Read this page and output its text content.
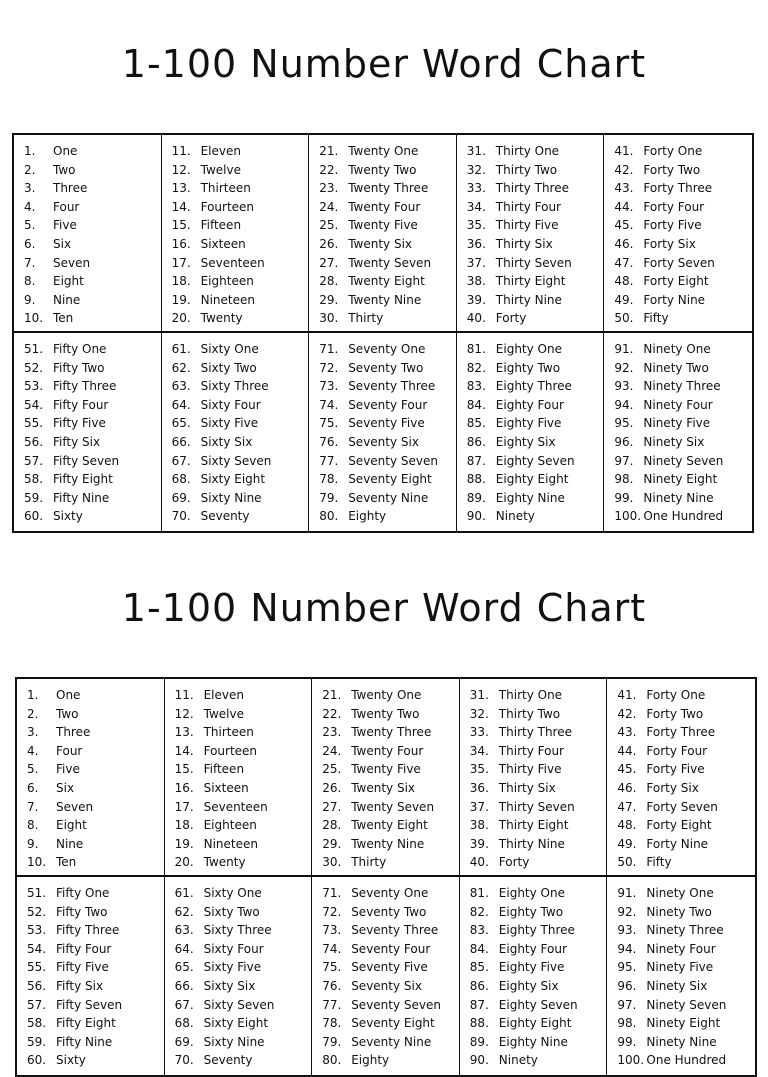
1-100 Number Word Chart
1.	One
2.	Two
3.	Three
4.	Four
5.	Five
6.	Six
7.	Seven
8.	Eight
9.	Nine
10. Ten
11. Eleven
12. Twelve
13. Thirteen
14. Fourteen
15. Fifteen
16. Sixteen
17. Seventeen
18. Eighteen
19. Nineteen
20. Twenty
21. Twenty One
22. Twenty Two
23. Twenty Three
24. Twenty Four
25. Twenty Five
26. Twenty Six
27. Twenty Seven
28. Twenty Eight
29. Twenty Nine
30. Thirty
31. Thirty One
32. Thirty Two
33. Thirty Three
34. Thirty Four
35. Thirty Five
36. Thirty Six
37. Thirty Seven
38. Thirty Eight
39. Thirty Nine
40. Forty
41. Forty One
42. Forty Two
43. Forty Three
44. Forty Four
45. Forty Five
46. Forty Six
47. Forty Seven
48. Forty Eight
49. Forty Nine
50. Fifty
51. Fifty One
52. Fifty Two
53. Fifty Three
54. Fifty Four
55. Fifty Five
56. Fifty Six
57. Fifty Seven
58. Fifty Eight
59. Fifty Nine
60. Sixty
61. Sixty One
62. Sixty Two
63. Sixty Three
64. Sixty Four
65. Sixty Five
66. Sixty Six
67. Sixty Seven
68. Sixty Eight
69. Sixty Nine
70. Seventy
71. Seventy One
72. Seventy Two
73. Seventy Three
74. Seventy Four
75. Seventy Five
76. Seventy Six
77. Seventy Seven
78. Seventy Eight
79. Seventy Nine
80. Eighty
81. Eighty One
82. Eighty Two
83. Eighty Three
84. Eighty Four
85. Eighty Five
86. Eighty Six
87. Eighty Seven
88. Eighty Eight
89. Eighty Nine
90. Ninety
91. Ninety One
92. Ninety Two
93. Ninety Three
94. Ninety Four
95. Ninety Five
96. Ninety Six
97. Ninety Seven
98. Ninety Eight
99. Ninety Nine
100. One Hundred
1-100 Number Word Chart
1.	One
2.	Two
3.	Three
4.	Four
5.	Five
6.	Six
7.	Seven
8.	Eight
9.	Nine
10. Ten
11. Eleven
12. Twelve
13. Thirteen
14. Fourteen
15. Fifteen
16. Sixteen
17. Seventeen
18. Eighteen
19. Nineteen
20. Twenty
21. Twenty One
22. Twenty Two
23. Twenty Three
24. Twenty Four
25. Twenty Five
26. Twenty Six
27. Twenty Seven
28. Twenty Eight
29. Twenty Nine
30. Thirty
31. Thirty One
32. Thirty Two
33. Thirty Three
34. Thirty Four
35. Thirty Five
36. Thirty Six
37. Thirty Seven
38. Thirty Eight
39. Thirty Nine
40. Forty
41. Forty One
42. Forty Two
43. Forty Three
44. Forty Four
45. Forty Five
46. Forty Six
47. Forty Seven
48. Forty Eight
49. Forty Nine
50. Fifty
51. Fifty One
52. Fifty Two
53. Fifty Three
54. Fifty Four
55. Fifty Five
56. Fifty Six
57. Fifty Seven
58. Fifty Eight
59. Fifty Nine
60. Sixty
61. Sixty One
62. Sixty Two
63. Sixty Three
64. Sixty Four
65. Sixty Five
66. Sixty Six
67. Sixty Seven
68. Sixty Eight
69. Sixty Nine
70. Seventy
71. Seventy One
72. Seventy Two
73. Seventy Three
74. Seventy Four
75. Seventy Five
76. Seventy Six
77. Seventy Seven
78. Seventy Eight
79. Seventy Nine
80. Eighty
81. Eighty One
82. Eighty Two
83. Eighty Three
84. Eighty Four
85. Eighty Five
86. Eighty Six
87. Eighty Seven
88. Eighty Eight
89. Eighty Nine
90. Ninety
91. Ninety One
92. Ninety Two
93. Ninety Three
94. Ninety Four
95. Ninety Five
96. Ninety Six
97. Ninety Seven
98. Ninety Eight
99. Ninety Nine
100. One Hundred
